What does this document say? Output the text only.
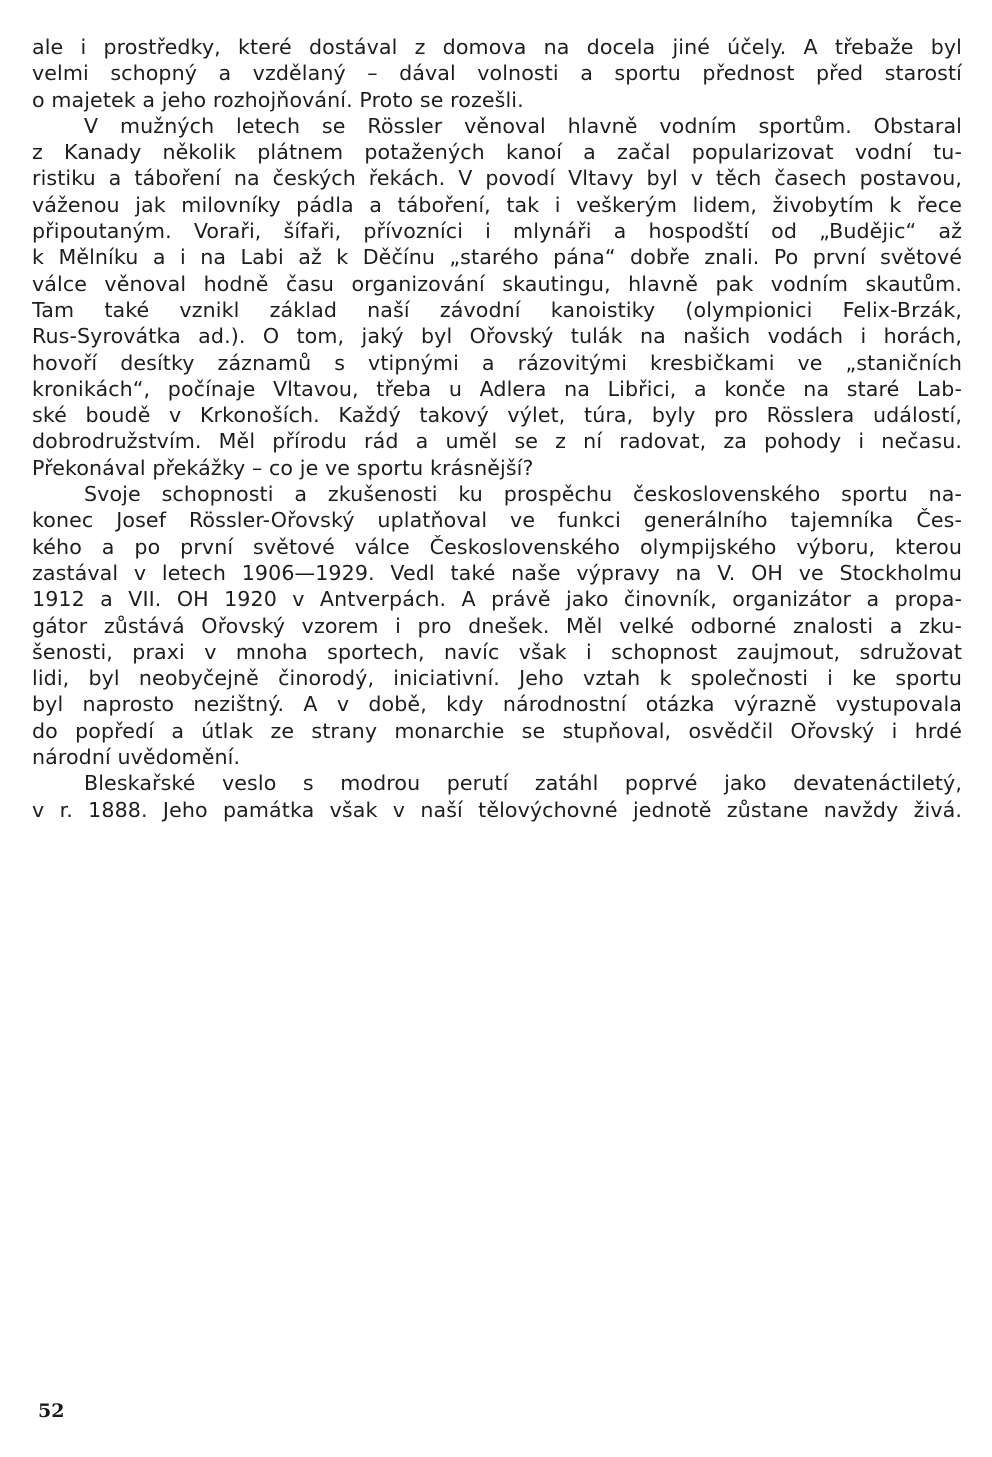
ale i prostředky, které dostával z domova na docela jiné účely. A třebaže byl
velmi schopný a vzdělaný – dával volnosti a sportu přednost před starostí
o majetek a jeho rozhojňování. Proto se rozešli.

V mužných letech se Rössler věnoval hlavně vodním sportům. Obstaral
z Kanady několik plátnem potažených kanoí a začal popularizovat vodní tu-
ristiku a táboření na českých řekách. V povodí Vltavy byl v těch časech postavou,
váženou jak milovníky pádla a táboření, tak i veškerým lidem, živobytím k řece
připoutaným. Voraři, šífaři, přívozníci i mlynáři a hospodští od „Budějic“ až
k Mělníku a i na Labi až k Děčínu „starého pána“ dobře znali. Po první světové
válce věnoval hodně času organizování skautingu, hlavně pak vodním skautům.
Tam také vznikl základ naší závodní kanoistiky (olympionici Felix-Brzák,
Rus-Syrovátka ad.). O tom, jaký byl Ořovský tulák na našich vodách i horách,
hovoří desítky záznamů s vtipnými a rázovitými kresbičkami ve „staničních
kronikách“, počínaje Vltavou, třeba u Adlera na Libřici, a konče na staré Lab-
ské boudě v Krkonoších. Každý takový výlet, túra, byly pro Rösslera událostí,
dobrodružstvím. Měl přírodu rád a uměl se z ní radovat, za pohody i nečasu.
Překonával překážky – co je ve sportu krásnější?

Svoje schopnosti a zkušenosti ku prospěchu československého sportu na-
konec Josef Rössler-Ořovský uplatňoval ve funkci generálního tajemníka Čes-
kého a po první světové válce Československého olympijského výboru, kterou
zastával v letech 1906—1929. Vedl také naše výpravy na V. OH ve Stockholmu
1912 a VII. OH 1920 v Antverpách. A právě jako činovník, organizátor a propa-
gátor zůstává Ořovský vzorem i pro dnešek. Měl velké odborné znalosti a zku-
šenosti, praxi v mnoha sportech, navíc však i schopnost zaujmout, sdružovat
lidi, byl neobyčejně činorodý, iniciativní. Jeho vztah k společnosti i ke sportu
byl naprosto nezištný. A v době, kdy národnostní otázka výrazně vystupovala
do popředí a útlak ze strany monarchie se stupňoval, osvědčil Ořovský i hrdé
národní uvědomění.

Bleskařské veslo s modrou perutí zatáhl poprvé jako devatenáctiletý,
v r. 1888. Jeho památka však v naší tělovýchovné jednotě zůstane navždy živá.

52
